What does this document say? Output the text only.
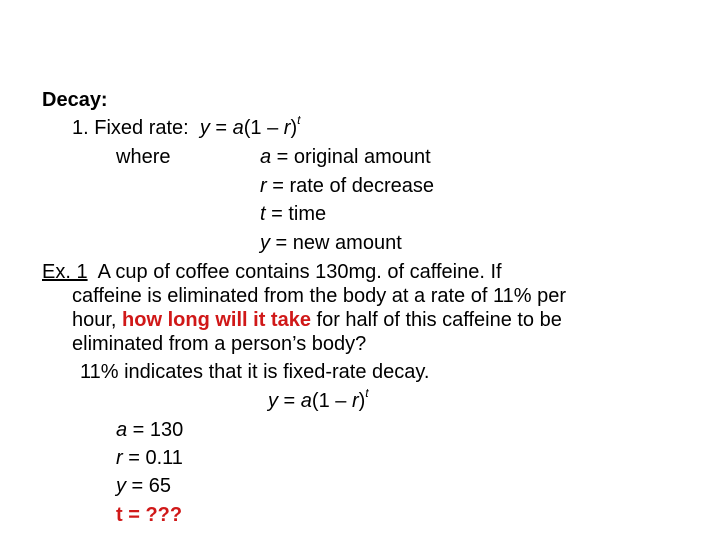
Decay:
1. Fixed rate: y = a(1 – r)$^t$
where	a = original amount
r = rate of decrease
t = time
y = new amount
Ex. 1 A cup of coffee contains 130mg. of caffeine. If
caffeine is eliminated from the body at a rate of 11% per
hour, how long will it take for half of this caffeine to be
eliminated from a person’s body?
11% indicates that it is fixed-rate decay.
y = a(1 – r)$^t$
a = 130
r = 0.11
y = 65
t = ???
